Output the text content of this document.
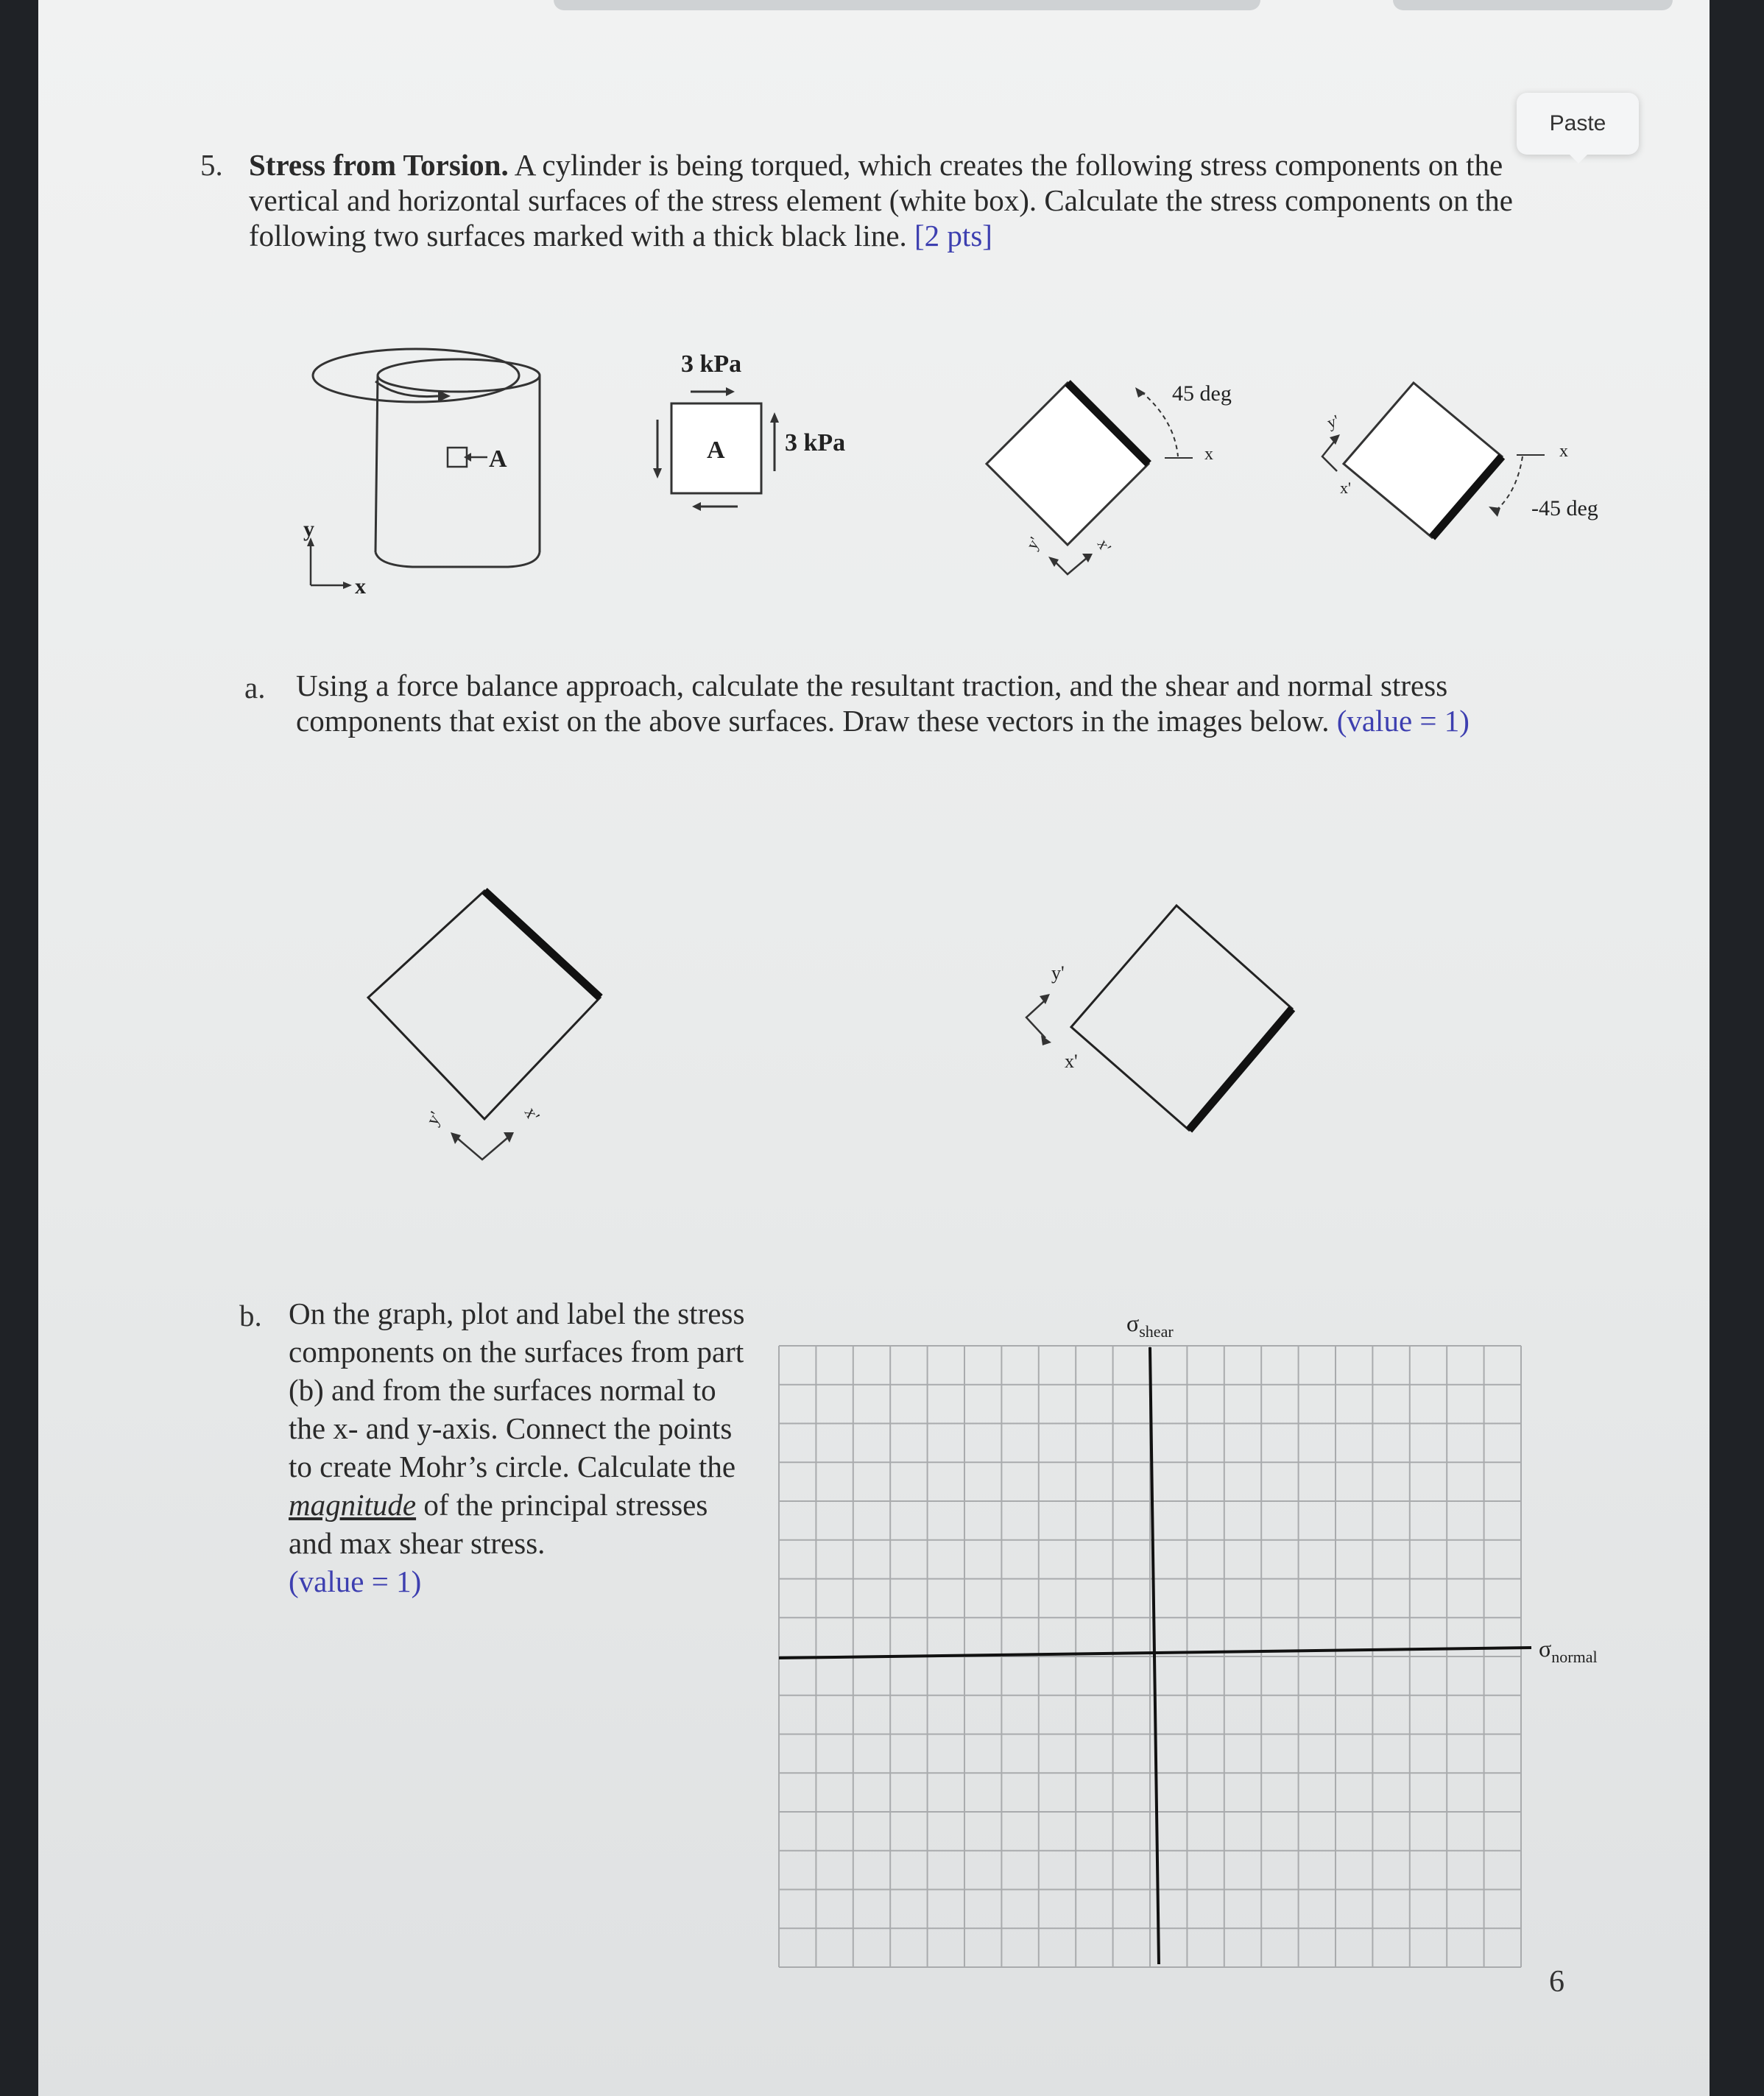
Paste
5. Stress from Torsion. A cylinder is being torqued, which creates the following stress components on the vertical and horizontal surfaces of the stress element (white box). Calculate the stress components on the following two surfaces marked with a thick black line. [2 pts]
A
y
x
3 kPa
A 3 kPa
45 deg
x
y'	x'
x
-45 deg
y'
x'
a. Using a force balance approach, calculate the resultant traction, and the shear and normal stress components that exist on the above surfaces. Draw these vectors in the images below. (value = 1)
y'	x'
y'
x'
b. On the graph, plot and label the stress components on the surfaces from part (b) and from the surfaces normal to the x- and y-axis. Connect the points to create Mohr’s circle. Calculate the magnitude of the principal stresses and max shear stress.
(value = 1)
$\sigma_{shear}$
$\sigma_{normal}$
6
